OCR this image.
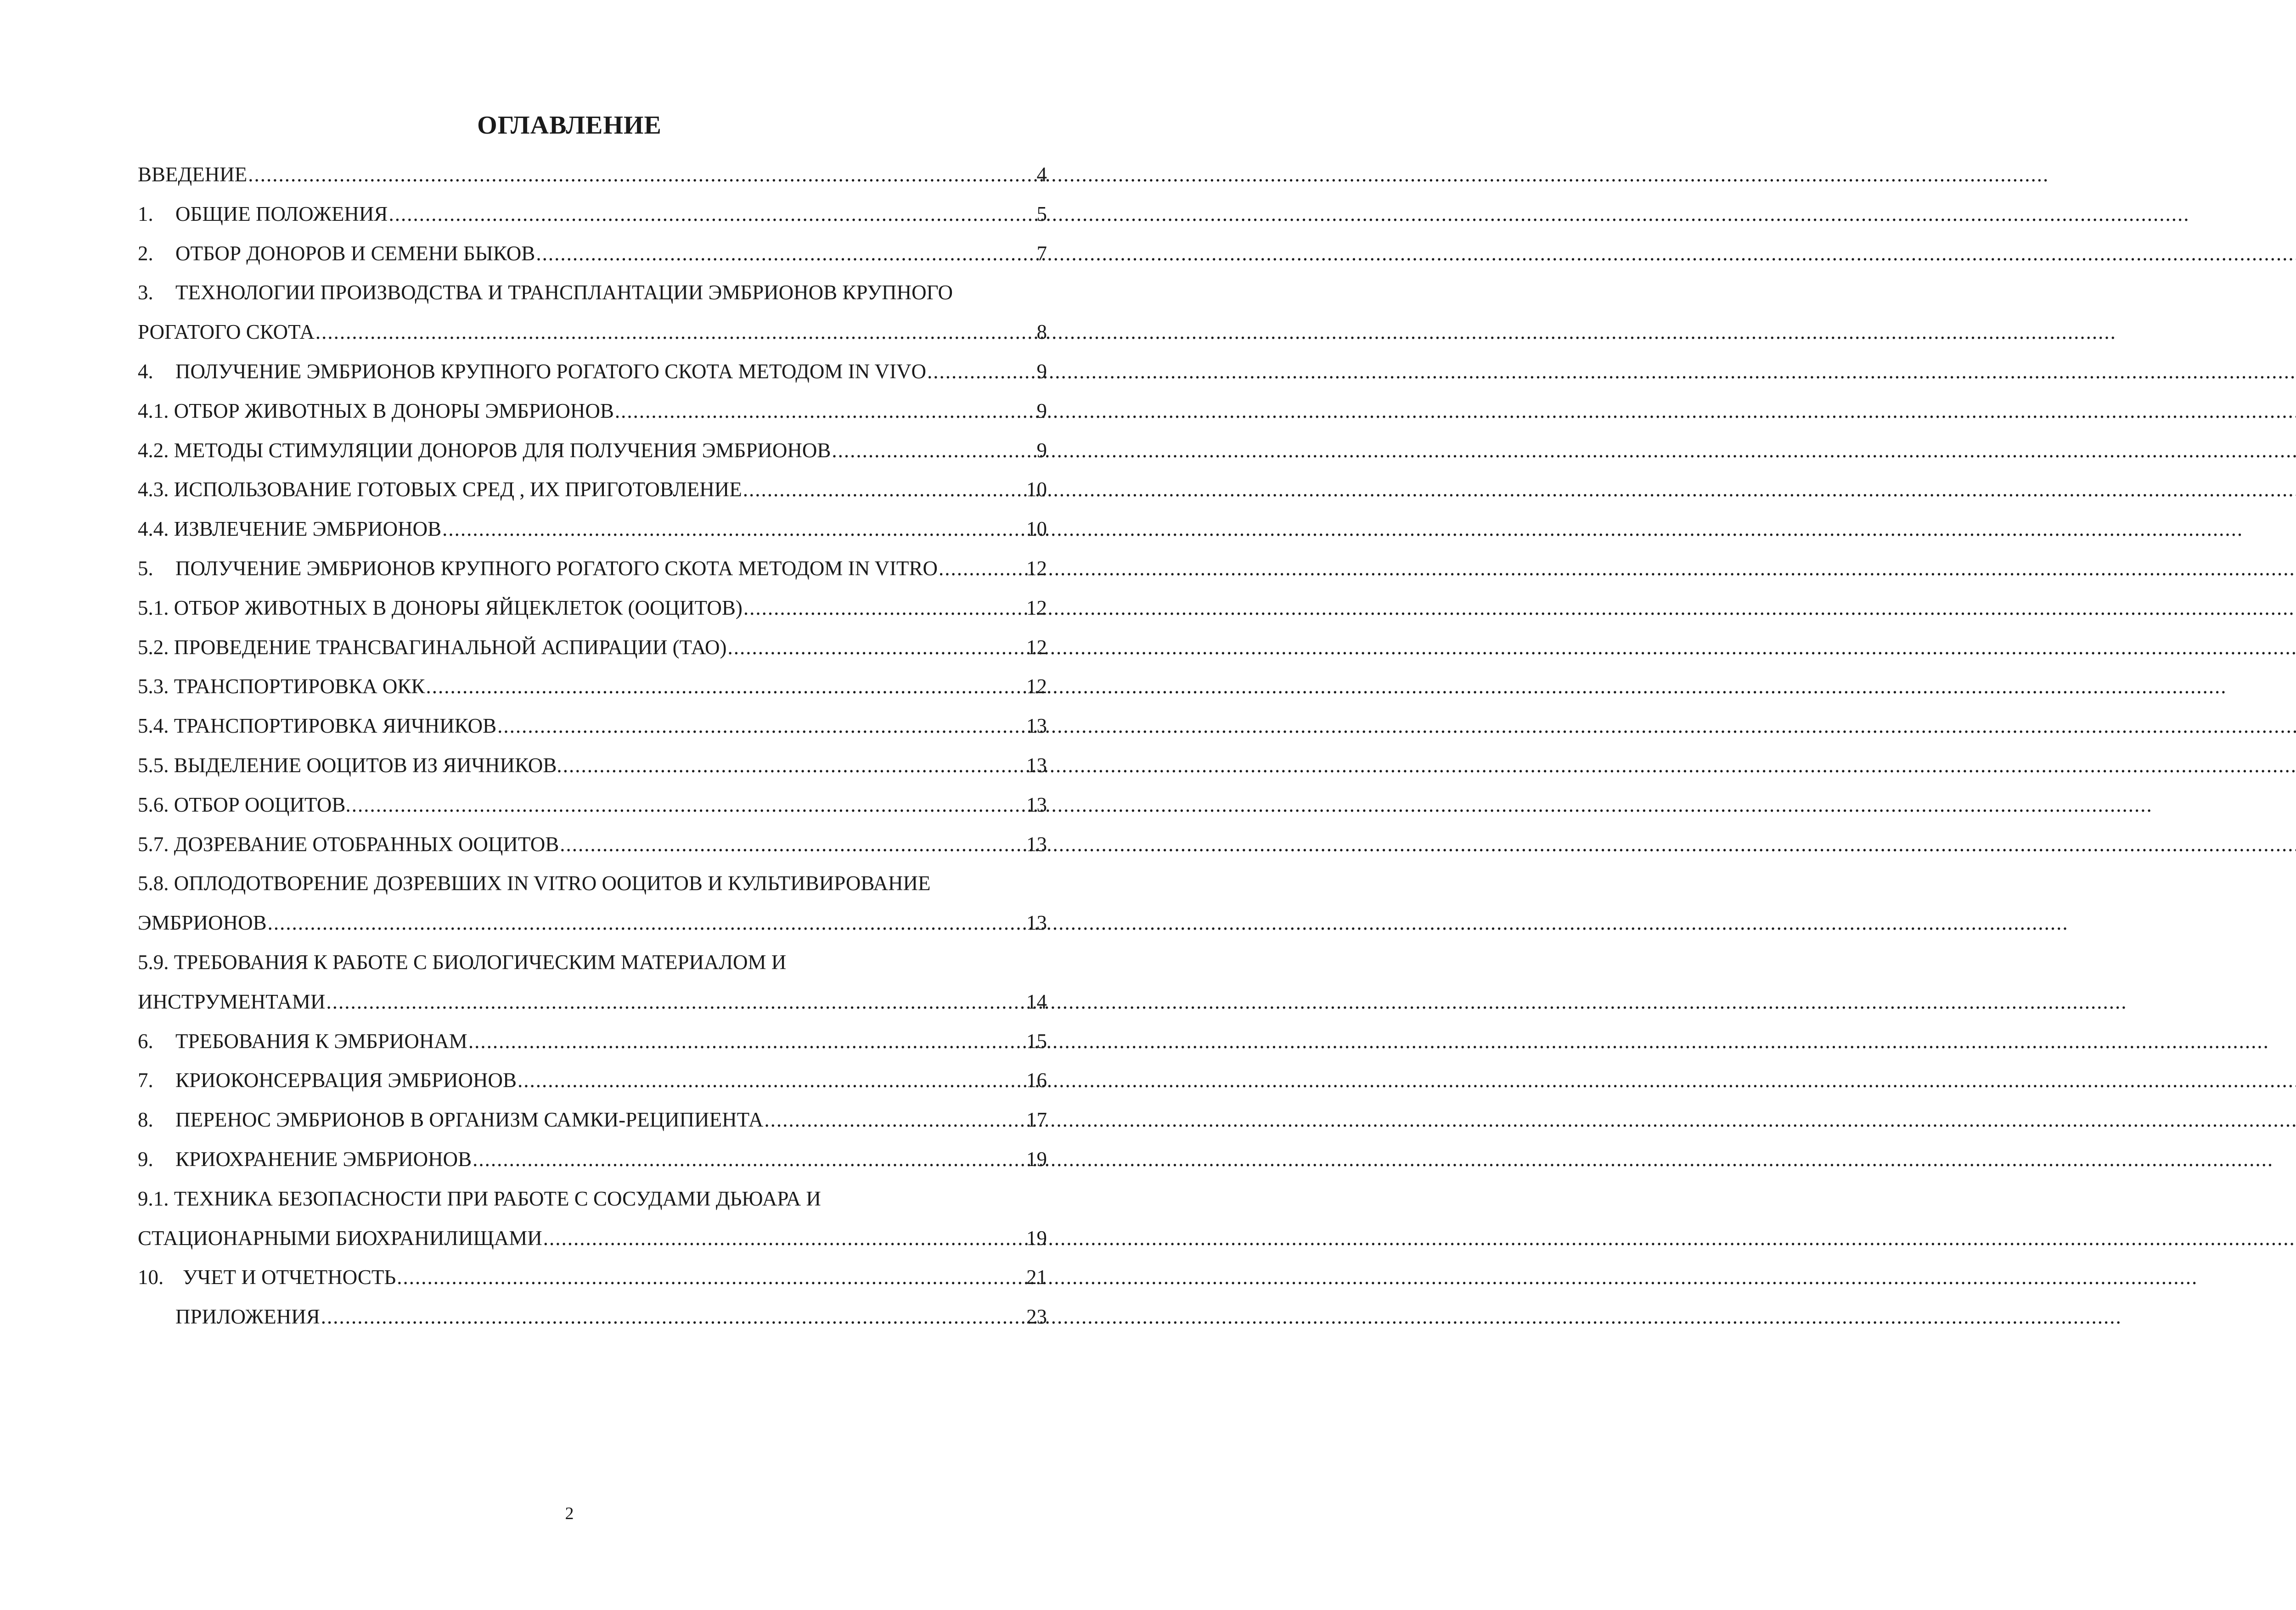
ОГЛАВЛЕНИЕ
ВВЕДЕНИЕ .....	4
1.	ОБЩИЕ ПОЛОЖЕНИЯ .....	5
2.	ОТБОР ДОНОРОВ И СЕМЕНИ БЫКОВ .....	7
3.	ТЕХНОЛОГИИ ПРОИЗВОДСТВА И ТРАНСПЛАНТАЦИИ ЭМБРИОНОВ КРУПНОГО
РОГАТОГО СКОТА .....	8
4.	ПОЛУЧЕНИЕ ЭМБРИОНОВ КРУПНОГО РОГАТОГО СКОТА МЕТОДОМ IN VIVO .....	9
4.1. ОТБОР ЖИВОТНЫХ В ДОНОРЫ ЭМБРИОНОВ .....	9
4.2. МЕТОДЫ СТИМУЛЯЦИИ ДОНОРОВ ДЛЯ ПОЛУЧЕНИЯ ЭМБРИОНОВ .....	9
4.3. ИСПОЛЬЗОВАНИЕ ГОТОВЫХ СРЕД , ИХ ПРИГОТОВЛЕНИЕ .....	10
4.4. ИЗВЛЕЧЕНИЕ ЭМБРИОНОВ .....	10
5.	ПОЛУЧЕНИЕ ЭМБРИОНОВ КРУПНОГО РОГАТОГО СКОТА МЕТОДОМ IN VITRO .....	12
5.1. ОТБОР ЖИВОТНЫХ В ДОНОРЫ ЯЙЦЕКЛЕТОК (ООЦИТОВ) .....	12
5.2. ПРОВЕДЕНИЕ ТРАНСВАГИНАЛЬНОЙ АСПИРАЦИИ (ТАО) .....	12
5.3. ТРАНСПОРТИРОВКА ОКК .....	12
5.4. ТРАНСПОРТИРОВКА ЯИЧНИКОВ .....	13
5.5. ВЫДЕЛЕНИЕ ООЦИТОВ ИЗ ЯИЧНИКОВ. .....	13
5.6. ОТБОР ООЦИТОВ. .....	13
5.7. ДОЗРЕВАНИЕ ОТОБРАННЫХ ООЦИТОВ .....	13
5.8. ОПЛОДОТВОРЕНИЕ ДОЗРЕВШИХ IN VITRO ООЦИТОВ И КУЛЬТИВИРОВАНИЕ
ЭМБРИОНОВ .....	13
5.9. ТРЕБОВАНИЯ К РАБОТЕ С БИОЛОГИЧЕСКИМ МАТЕРИАЛОМ И
ИНСТРУМЕНТАМИ .....	14
6.	ТРЕБОВАНИЯ К ЭМБРИОНАМ .....	15
7.	КРИОКОНСЕРВАЦИЯ ЭМБРИОНОВ .....	16
8.	ПЕРЕНОС ЭМБРИОНОВ В ОРГАНИЗМ САМКИ-РЕЦИПИЕНТА .....	17
9.	КРИОХРАНЕНИЕ ЭМБРИОНОВ .....	19
9.1. ТЕХНИКА БЕЗОПАСНОСТИ ПРИ РАБОТЕ С СОСУДАМИ ДЬЮАРА И
СТАЦИОНАРНЫМИ БИОХРАНИЛИЩАМИ .....	19
10. УЧЕТ И ОТЧЕТНОСТЬ .....	21
ПРИЛОЖЕНИЯ .....	23
2
